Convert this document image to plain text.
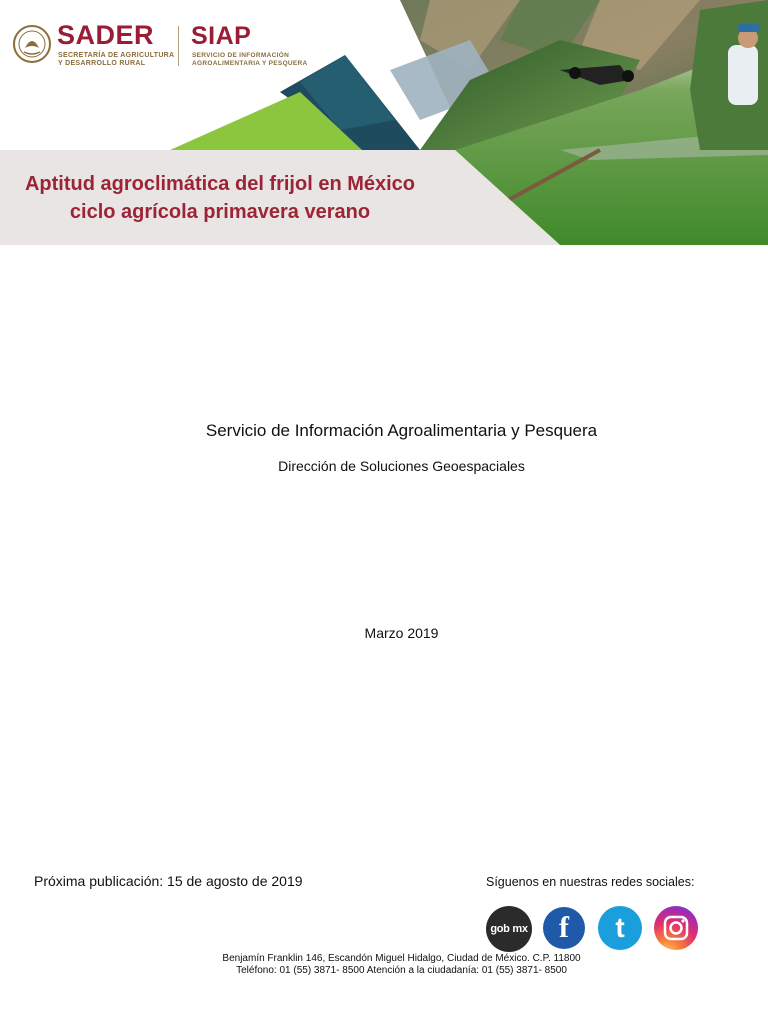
SADER
SECRETARÍA DE AGRICULTURA
Y DESARROLLO RURAL
SIAP
SERVICIO DE INFORMACIÓN
AGROALIMENTARIA Y PESQUERA
Aptitud agroclimática del frijol en México
ciclo agrícola primavera verano
Servicio de Información Agroalimentaria y Pesquera
Dirección de Soluciones Geoespaciales
Marzo 2019
Próxima publicación: 15 de agosto de 2019	Síguenos en nuestras redes sociales:
gob mx f t
Benjamín Franklin 146, Escandón Miguel Hidalgo, Ciudad de México. C.P. 11800
Teléfono: 01 (55) 3871- 8500 Atención a la ciudadanía: 01 (55) 3871- 8500
